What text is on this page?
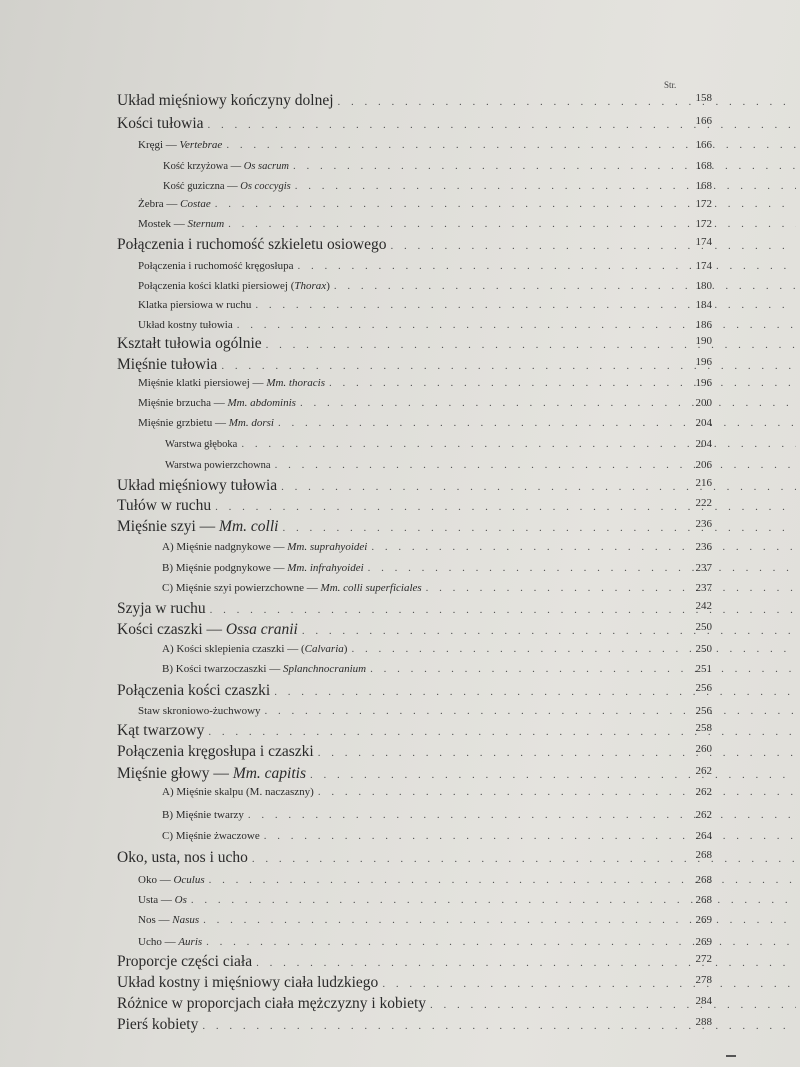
Str.
Układ mięśniowy kończyny dolnej . . .	158
Kości tułowia . . .	166
Kręgi — Vertebrae . . .	166
Kość krzyżowa — Os sacrum . . .	168
Kość guziczna — Os coccygis . . .	168
Żebra — Costae . . .	172
Mostek — Sternum . . .	172
Połączenia i ruchomość szkieletu osiowego . . .	174
Połączenia i ruchomość kręgosłupa . . .	174
Połączenia kości klatki piersiowej (Thorax) . . .	180
Klatka piersiowa w ruchu . . .	184
Układ kostny tułowia . . .	186
Kształt tułowia ogólnie . . .	190
Mięśnie tułowia . . .	196
Mięśnie klatki piersiowej — Mm. thoracis . . .	196
Mięśnie brzucha — Mm. abdominis . . .	200
Mięśnie grzbietu — Mm. dorsi . . .	204
Warstwa głęboka . . .	204
Warstwa powierzchowna . . .	206
Układ mięśniowy tułowia . . .	216
Tułów w ruchu . . .	222
Mięśnie szyi — Mm. colli . . .	236
A) Mięśnie nadgnykowe — Mm. suprahyoidei . . .	236
B) Mięśnie podgnykowe — Mm. infrahyoidei . . .	237
C) Mięśnie szyi powierzchowne — Mm. colli superficiales . . .	237
Szyja w ruchu . . .	242
Kości czaszki — Ossa cranii . . .	250
A) Kości sklepienia czaszki — (Calvaria) . . .	250
B) Kości twarzoczaszki — Splanchnocranium . . .	251
Połączenia kości czaszki . . .	256
Staw skroniowo-żuchwowy . . .	256
Kąt twarzowy . . .	258
Połączenia kręgosłupa i czaszki . . .	260
Mięśnie głowy — Mm. capitis . . .	262
A) Mięśnie skalpu (M. naczaszny) . . .	262
B) Mięśnie twarzy . . .	262
C) Mięśnie żwaczowe . . .	264
Oko, usta, nos i ucho . . .	268
Oko — Oculus . . .	268
Usta — Os . . .	268
Nos — Nasus . . .	269
Ucho — Auris . . .	269
Proporcje części ciała . . .	272
Układ kostny i mięśniowy ciała ludzkiego . . .	278
Różnice w proporcjach ciała mężczyzny i kobiety . . .	284
Pierś kobiety . . .	288
